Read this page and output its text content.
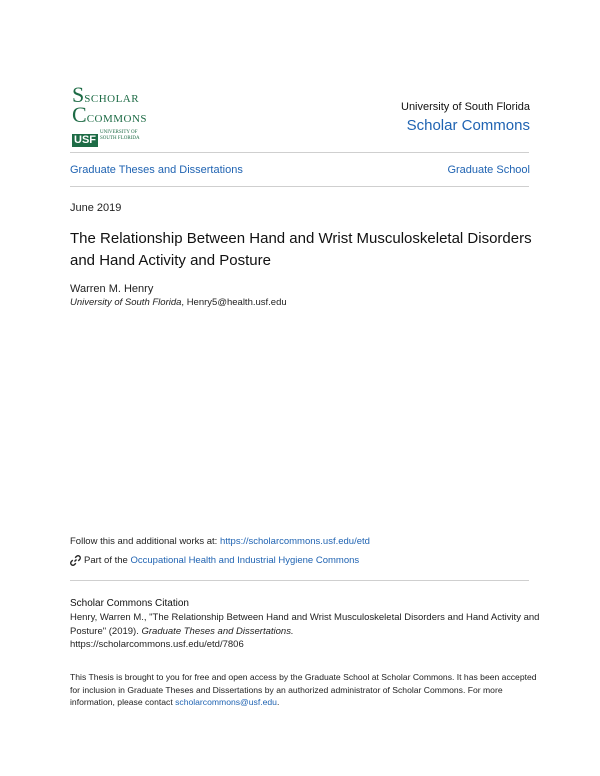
SSCHOLAR
CCOMMONS
USFUNIVERSITY OF
SOUTH FLORIDA
University of South Florida
Scholar Commons
Graduate Theses and Dissertations	Graduate School
June 2019
The Relationship Between Hand and Wrist Musculoskeletal Disorders and Hand Activity and Posture
Warren M. Henry
University of South Florida, Henry5@health.usf.edu
Follow this and additional works at: https://scholarcommons.usf.edu/etd
Part of the
Occupational Health and Industrial Hygiene Commons
Scholar Commons Citation
Henry, Warren M., "The Relationship Between Hand and Wrist Musculoskeletal Disorders and Hand Activity and Posture" (2019). Graduate Theses and Dissertations.
https://scholarcommons.usf.edu/etd/7806
This Thesis is brought to you for free and open access by the Graduate School at Scholar Commons. It has been accepted for inclusion in Graduate Theses and Dissertations by an authorized administrator of Scholar Commons. For more information, please contact scholarcommons@usf.edu.
